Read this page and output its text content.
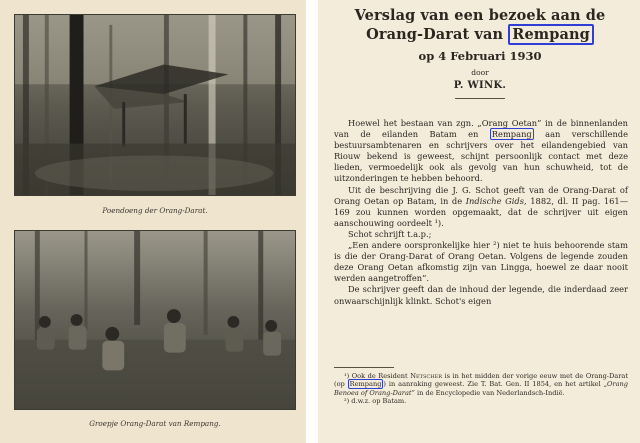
Poendoeng der Orang-Darat.
Groepje Orang-Darat van Rempang.
Verslag van een bezoek aan de
Orang-Darat van Rempang
op 4 Februari 1930
door
P. WINK.

Hoewel het bestaan van zgn. „Orang Oetan” in de binnenlanden van de eilanden Batam en Rempang aan verschillende bestuursambtenaren en schrijvers over het eilandengebied van Riouw bekend is geweest, schijnt persoonlijk contact met deze lieden, vermoedelijk ook als gevolg van hun schuwheid, tot de uitzonderingen te hebben behoord.

Uit de beschrijving die J. G. Schot geeft van de Orang-Darat of Orang Oetan op Batam, in de Indische Gids, 1882, dl. II pag. 161—169 zou kunnen worden opgemaakt, dat de schrijver uit eigen aanschouwing oordeelt ¹).

Schot schrijft t.a.p.;

„Een andere oorspronkelijke hier ²) niet te huis behoorende stam is die der Orang-Darat of Orang Oetan. Volgens de legende zouden deze Orang Oetan afkomstig zijn van Lingga, hoewel ze daar nooit werden aangetroffen”.

De schrijver geeft dan de inhoud der legende, die inderdaad zeer onwaarschijnlijk klinkt. Schot's eigen

¹) Ook de Resident Netscher is in het midden der vorige eeuw met de Orang-Darat (op Rempang ) in aanraking geweest. Zie T. Bat. Gen. II 1854, en het artikel „Orang Benoea of Orang-Darat” in de Encyclopedie van Nederlandsch-Indië.

²) d.w.z. op Batam.
